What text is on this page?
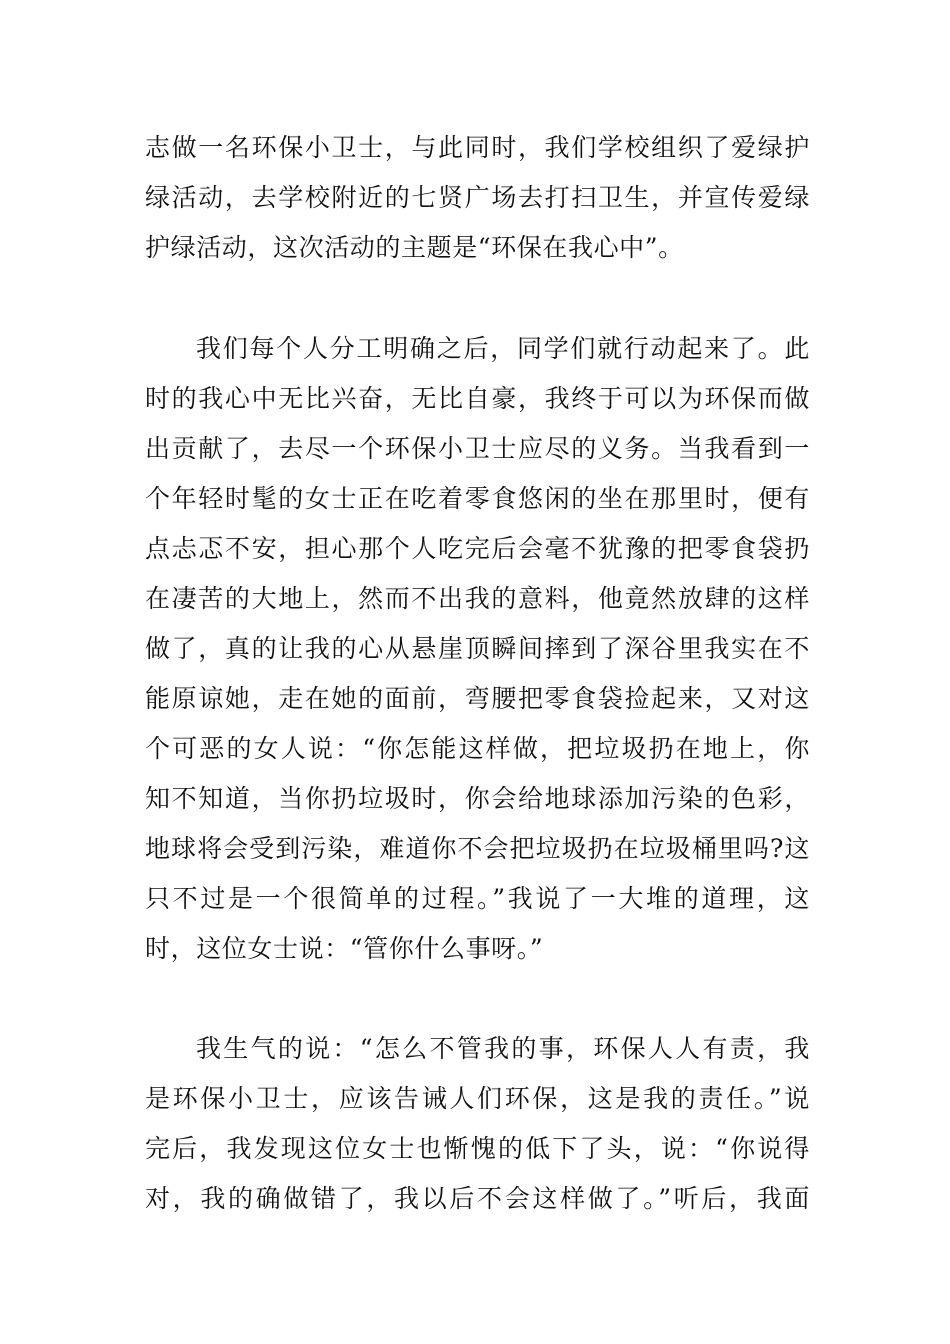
志做一名环保小卫士，与此同时，我们学校组织了爱绿护
绿活动，去学校附近的七贤广场去打扫卫生，并宣传爱绿
护绿活动，这次活动的主题是“环保在我心中”。
我们每个人分工明确之后，同学们就行动起来了。此
时的我心中无比兴奋，无比自豪，我终于可以为环保而做
出贡献了，去尽一个环保小卫士应尽的义务。当我看到一
个年轻时髦的女士正在吃着零食悠闲的坐在那里时，便有
点忐忑不安，担心那个人吃完后会毫不犹豫的把零食袋扔
在凄苦的大地上，然而不出我的意料，他竟然放肆的这样
做了，真的让我的心从悬崖顶瞬间摔到了深谷里我实在不
能原谅她，走在她的面前，弯腰把零食袋捡起来，又对这
个可恶的女人说：“你怎能这样做，把垃圾扔在地上，你
知不知道，当你扔垃圾时，你会给地球添加污染的色彩，
地球将会受到污染，难道你不会把垃圾扔在垃圾桶里吗?这
只不过是一个很简单的过程。”我说了一大堆的道理，这
时，这位女士说：“管你什么事呀。”
我生气的说：“怎么不管我的事，环保人人有责，我
是环保小卫士，应该告诫人们环保，这是我的责任。”说
完后，我发现这位女士也惭愧的低下了头，说：“你说得
对，我的确做错了，我以后不会这样做了。”听后，我面
